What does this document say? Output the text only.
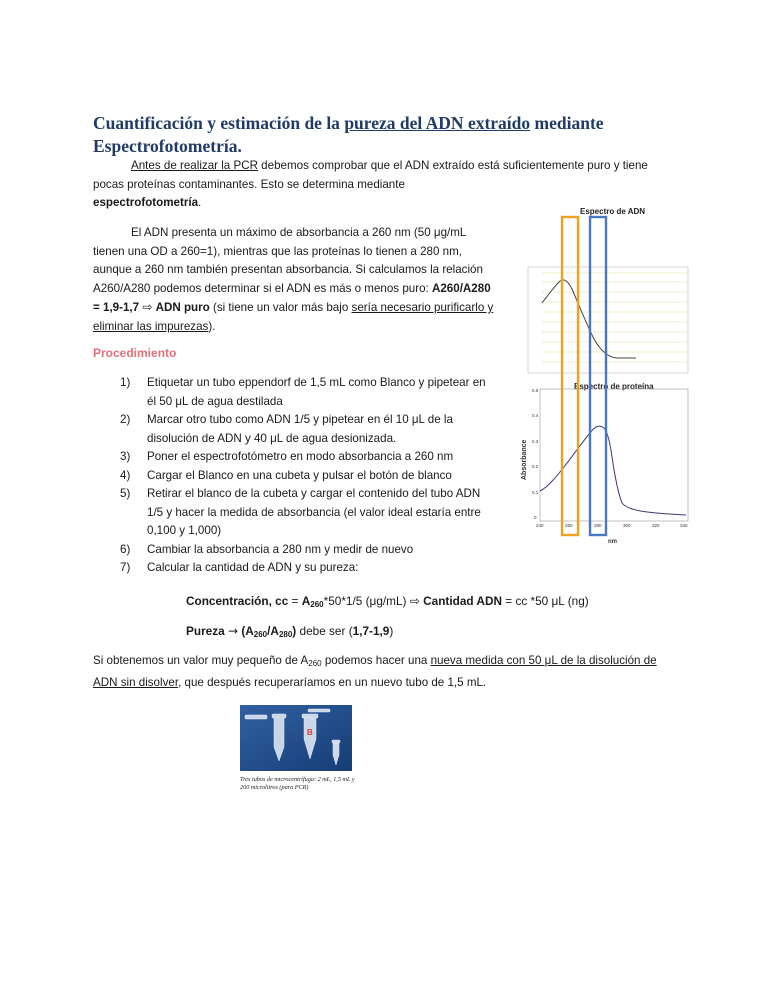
Cuantificación y estimación de la pureza del ADN extraído mediante
Espectrofotometría.
Antes de realizar la PCR debemos comprobar que el ADN extraído está suficientemente puro y tiene
pocas proteínas contaminantes. Esto se determina mediante
espectrofotometría.
El ADN presenta un máximo de absorbancia a 260 nm (50 μg/mL
tienen una OD a 260=1), mientras que las proteínas lo tienen a 280 nm,
aunque a 260 nm también presentan absorbancia. Si calculamos la relación
A260/A280 podemos determinar si el ADN es más o menos puro: A260/A280
= 1,9-1,7 ⇨ ADN puro (si tiene un valor más bajo sería necesario purificarlo y
eliminar las impurezas).
Procedimiento
1) Etiquetar un tubo eppendorf de 1,5 mL como Blanco y pipetear en
él 50 μL de agua destilada
2) Marcar otro tubo como ADN 1/5 y pipetear en él 10 μL de la
disolución de ADN y 40 μL de agua desionizada.
3) Poner el espectrofotómetro en modo absorbancia a 260 nm
4) Cargar el Blanco en una cubeta y pulsar el botón de blanco
5) Retirar el blanco de la cubeta y cargar el contenido del tubo ADN
1/5 y hacer la medida de absorbancia (el valor ideal estaría entre
0,100 y 1,000)
6) Cambiar la absorbancia a 280 nm y medir de nuevo
7) Calcular la cantidad de ADN y su pureza:
Concentración, cc = $A_{260}*50*1/5$ (μg/mL) ⇨ Cantidad ADN = cc *50 μL (ng)
Pureza → $(A_{260}/A_{280})$ debe ser (1,7-1,9)
Si obtenemos un valor muy pequeño de $A_{260}$ podemos hacer una nueva medida con 50 μL de la disolución de
ADN sin disolver, que después recuperaríamos en un nuevo tubo de 1,5 mL.
Espectro de ADN
Espectro de proteína
Absorbance
0.5
0.4
0.3
0.2
0.1
0
240	260	280	300	320	340
nm
B
Tres tubos de microcentrífuga: 2 mL, 1,5 mL y 200 microlitros (para PCR)
